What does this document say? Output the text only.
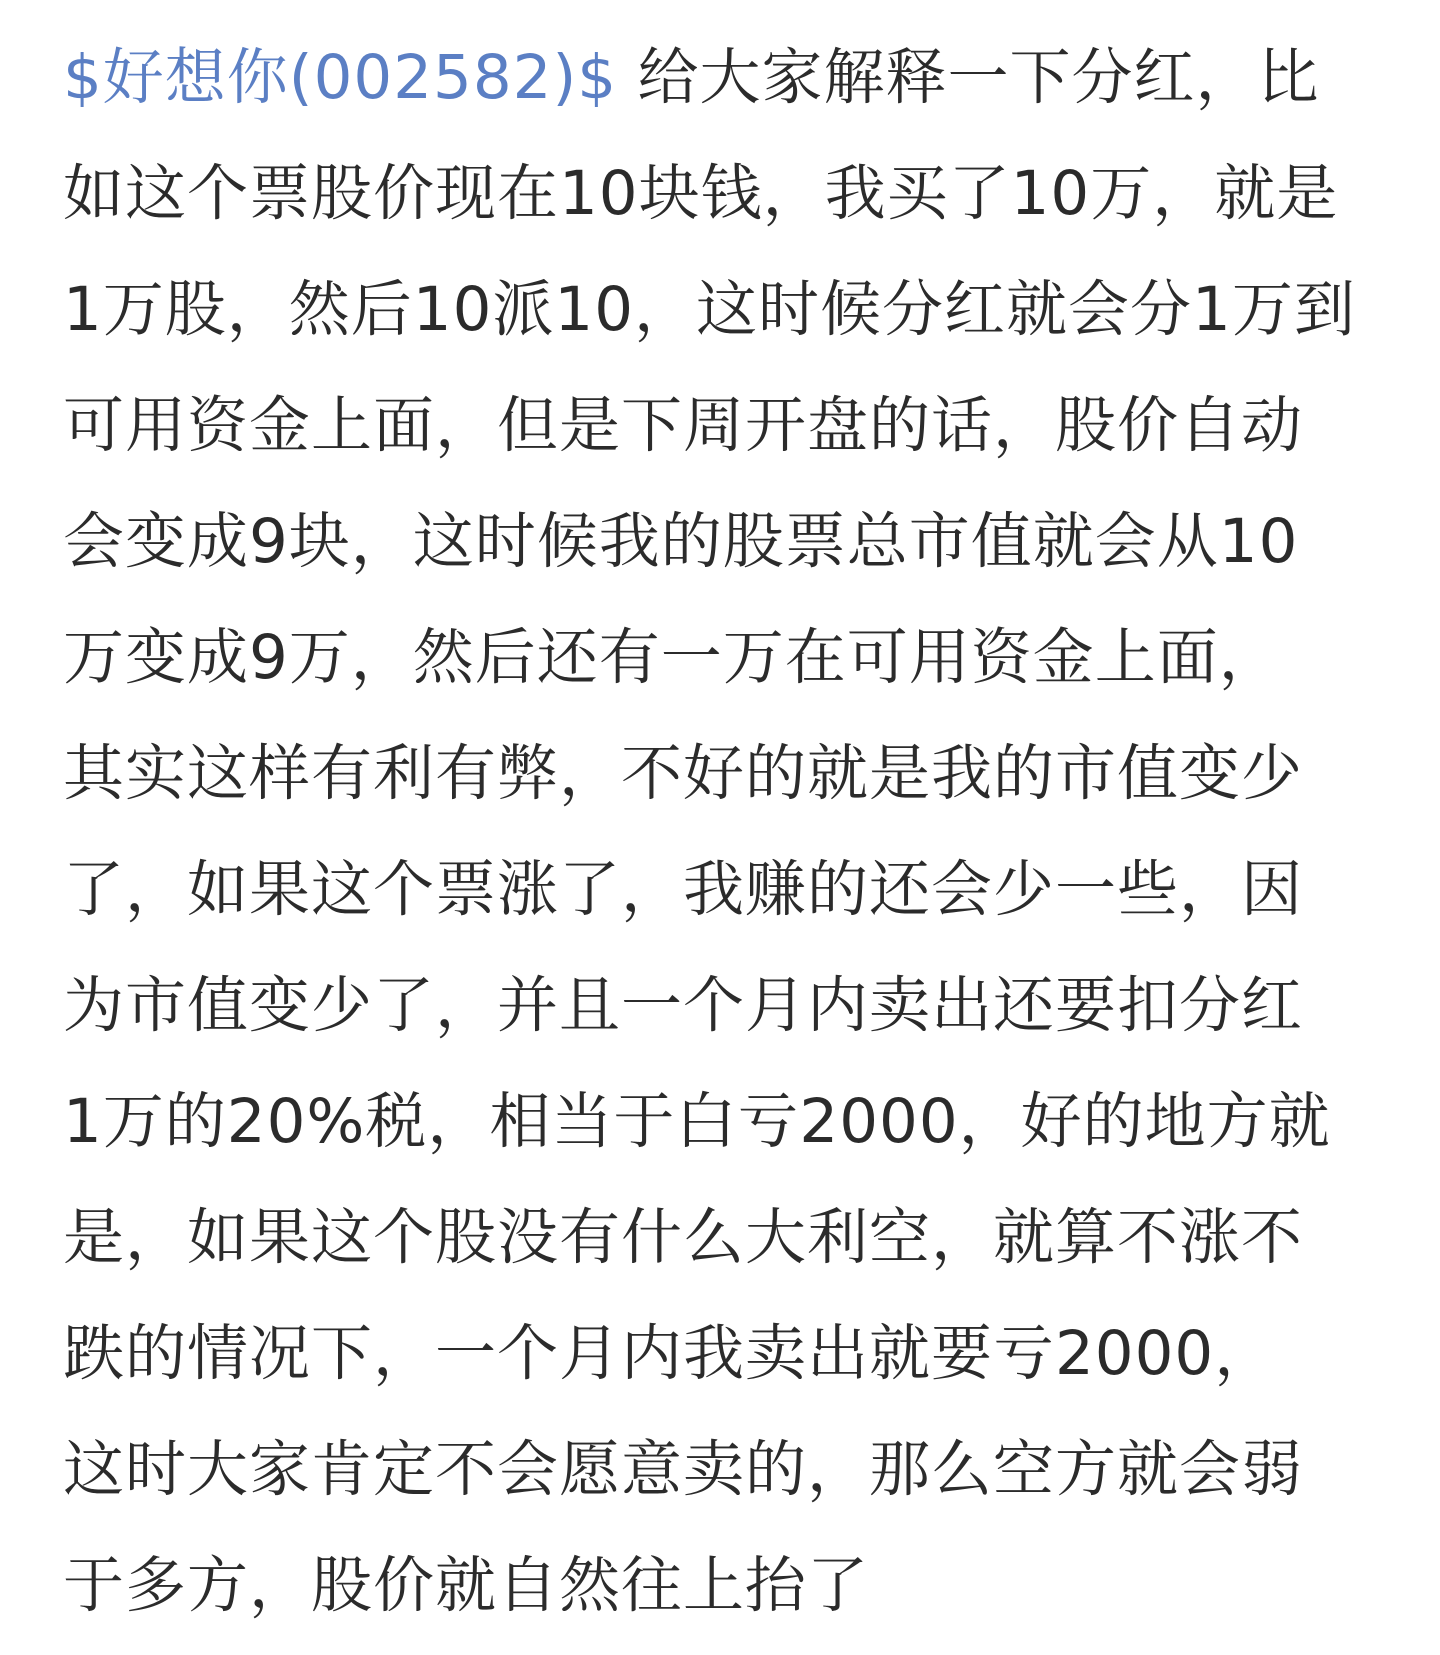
$好想你(002582)$ 给大家解释一下分红，比
如这个票股价现在10块钱，我买了10万，就是
1万股，然后10派10，这时候分红就会分1万到
可用资金上面，但是下周开盘的话，股价自动
会变成9块，这时候我的股票总市值就会从10
万变成9万，然后还有一万在可用资金上面，
其实这样有利有弊，不好的就是我的市值变少
了，如果这个票涨了，我赚的还会少一些，因
为市值变少了，并且一个月内卖出还要扣分红
1万的20%税，相当于白亏2000，好的地方就
是，如果这个股没有什么大利空，就算不涨不
跌的情况下，一个月内我卖出就要亏2000，
这时大家肯定不会愿意卖的，那么空方就会弱
于多方，股价就自然往上抬了
